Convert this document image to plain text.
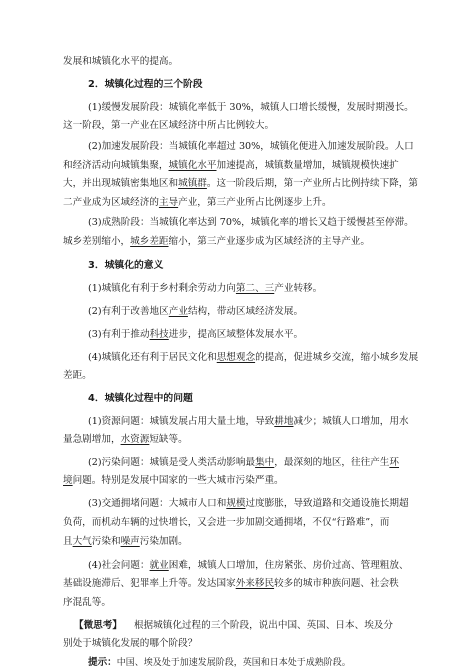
发展和城镇化水平的提高。
2．城镇化过程的三个阶段
(1)缓慢发展阶段：城镇化率低于 30%，城镇人口增长缓慢，发展时期漫长。
这一阶段，第一产业在区域经济中所占比例较大。
(2)加速发展阶段：当城镇化率超过 30%，城镇化便进入加速发展阶段。人口
和经济活动向城镇集聚，城镇化水平加速提高，城镇数量增加，城镇规模快速扩
大，并出现城镇密集地区和城镇群。这一阶段后期，第一产业所占比例持续下降，第
二产业成为区域经济的主导产业，第三产业所占比例逐步上升。
(3)成熟阶段：当城镇化率达到 70%，城镇化率的增长又趋于缓慢甚至停滞。
城乡差别缩小，城乡差距缩小，第三产业逐步成为区域经济的主导产业。
3．城镇化的意义
(1)城镇化有利于乡村剩余劳动力向第二、三产业转移。
(2)有利于改善地区产业结构，带动区域经济发展。
(3)有利于推动科技进步，提高区域整体发展水平。
(4)城镇化还有利于居民文化和思想观念的提高，促进城乡交流，缩小城乡发展
差距。
4．城镇化过程中的问题
(1)资源问题：城镇发展占用大量土地，导致耕地减少；城镇人口增加，用水
量急剧增加，水资源短缺等。
(2)污染问题：城镇是受人类活动影响最集中，最深刻的地区，往往产生环
境问题。特别是发展中国家的一些大城市污染严重。
(3)交通拥堵问题：大城市人口和规模过度膨胀，导致道路和交通设施长期超
负荷，而机动车辆的过快增长，又会进一步加剧交通拥堵，不仅“行路难”，而
且大气污染和噪声污染加剧。
(4)社会问题：就业困难，城镇人口增加，住房紧张、房价过高、管理粗放、
基础设施滞后、犯罪率上升等。发达国家外来移民较多的城市种族问题、社会秩
序混乱等。
【微思考】 根据城镇化过程的三个阶段，说出中国、英国、日本、埃及分
别处于城镇化发展的哪个阶段？
提示：中国、埃及处于加速发展阶段，英国和日本处于成熟阶段。
